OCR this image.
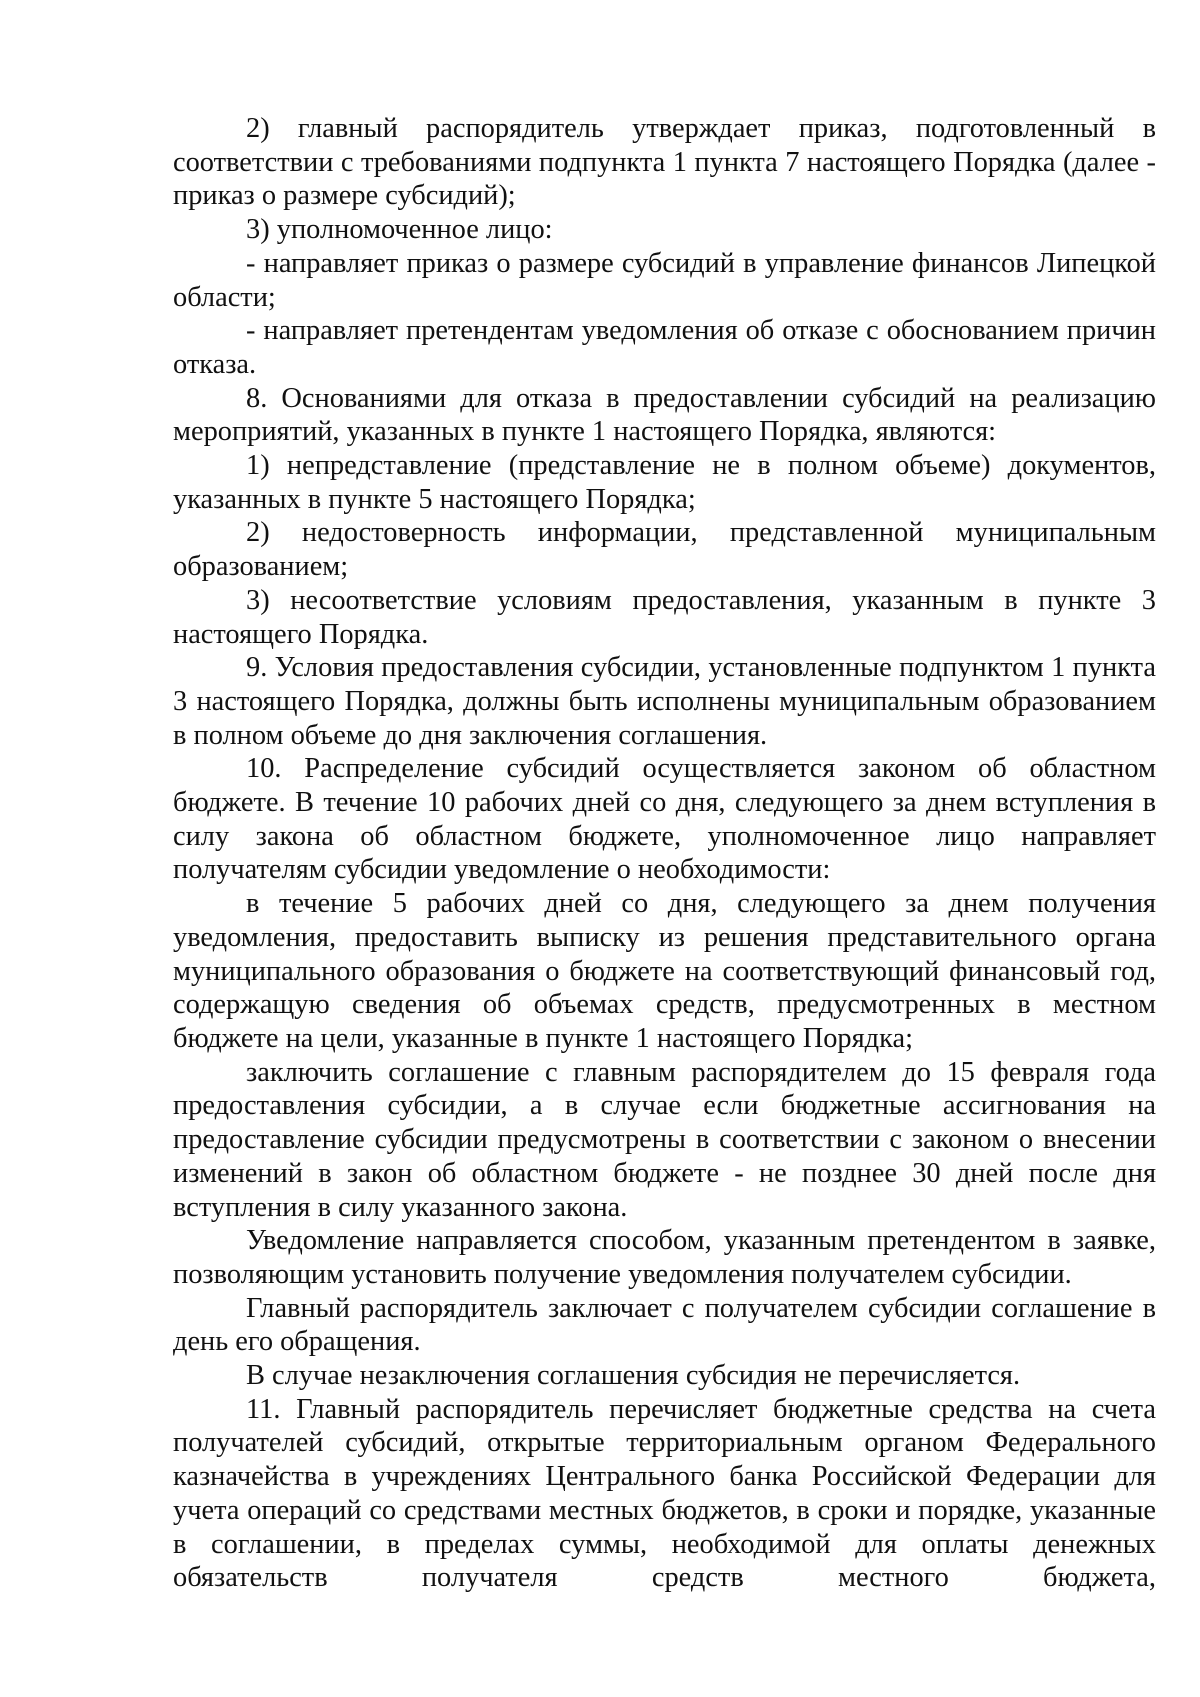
2) главный распорядитель утверждает приказ, подготовленный в соответствии с требованиями подпункта 1 пункта 7 настоящего Порядка (далее - приказ о размере субсидий);

3) уполномоченное лицо:

- направляет приказ о размере субсидий в управление финансов Липецкой области;

- направляет претендентам уведомления об отказе с обоснованием причин отказа.

8. Основаниями для отказа в предоставлении субсидий на реализацию мероприятий, указанных в пункте 1 настоящего Порядка, являются:

1) непредставление (представление не в полном объеме) документов, указанных в пункте 5 настоящего Порядка;

2) недостоверность информации, представленной муниципальным образованием;

3) несоответствие условиям предоставления, указанным в пункте 3 настоящего Порядка.

9. Условия предоставления субсидии, установленные подпунктом 1 пункта 3 настоящего Порядка, должны быть исполнены муниципальным образованием в полном объеме до дня заключения соглашения.

10. Распределение субсидий осуществляется законом об областном бюджете. В течение 10 рабочих дней со дня, следующего за днем вступления в силу закона об областном бюджете, уполномоченное лицо направляет получателям субсидии уведомление о необходимости:

в течение 5 рабочих дней со дня, следующего за днем получения уведомления, предоставить выписку из решения представительного органа муниципального образования о бюджете на соответствующий финансовый год, содержащую сведения об объемах средств, предусмотренных в местном бюджете на цели, указанные в пункте 1 настоящего Порядка;

заключить соглашение с главным распорядителем до 15 февраля года предоставления субсидии, а в случае если бюджетные ассигнования на предоставление субсидии предусмотрены в соответствии с законом о внесении изменений в закон об областном бюджете - не позднее 30 дней после дня вступления в силу указанного закона.

Уведомление направляется способом, указанным претендентом в заявке, позволяющим установить получение уведомления получателем субсидии.

Главный распорядитель заключает с получателем субсидии соглашение в день его обращения.

В случае незаключения соглашения субсидия не перечисляется.

11. Главный распорядитель перечисляет бюджетные средства на счета получателей субсидий, открытые территориальным органом Федерального казначейства в учреждениях Центрального банка Российской Федерации для учета операций со средствами местных бюджетов, в сроки и порядке, указанные в соглашении, в пределах суммы, необходимой для оплаты денежных обязательств получателя средств местного бюджета,
